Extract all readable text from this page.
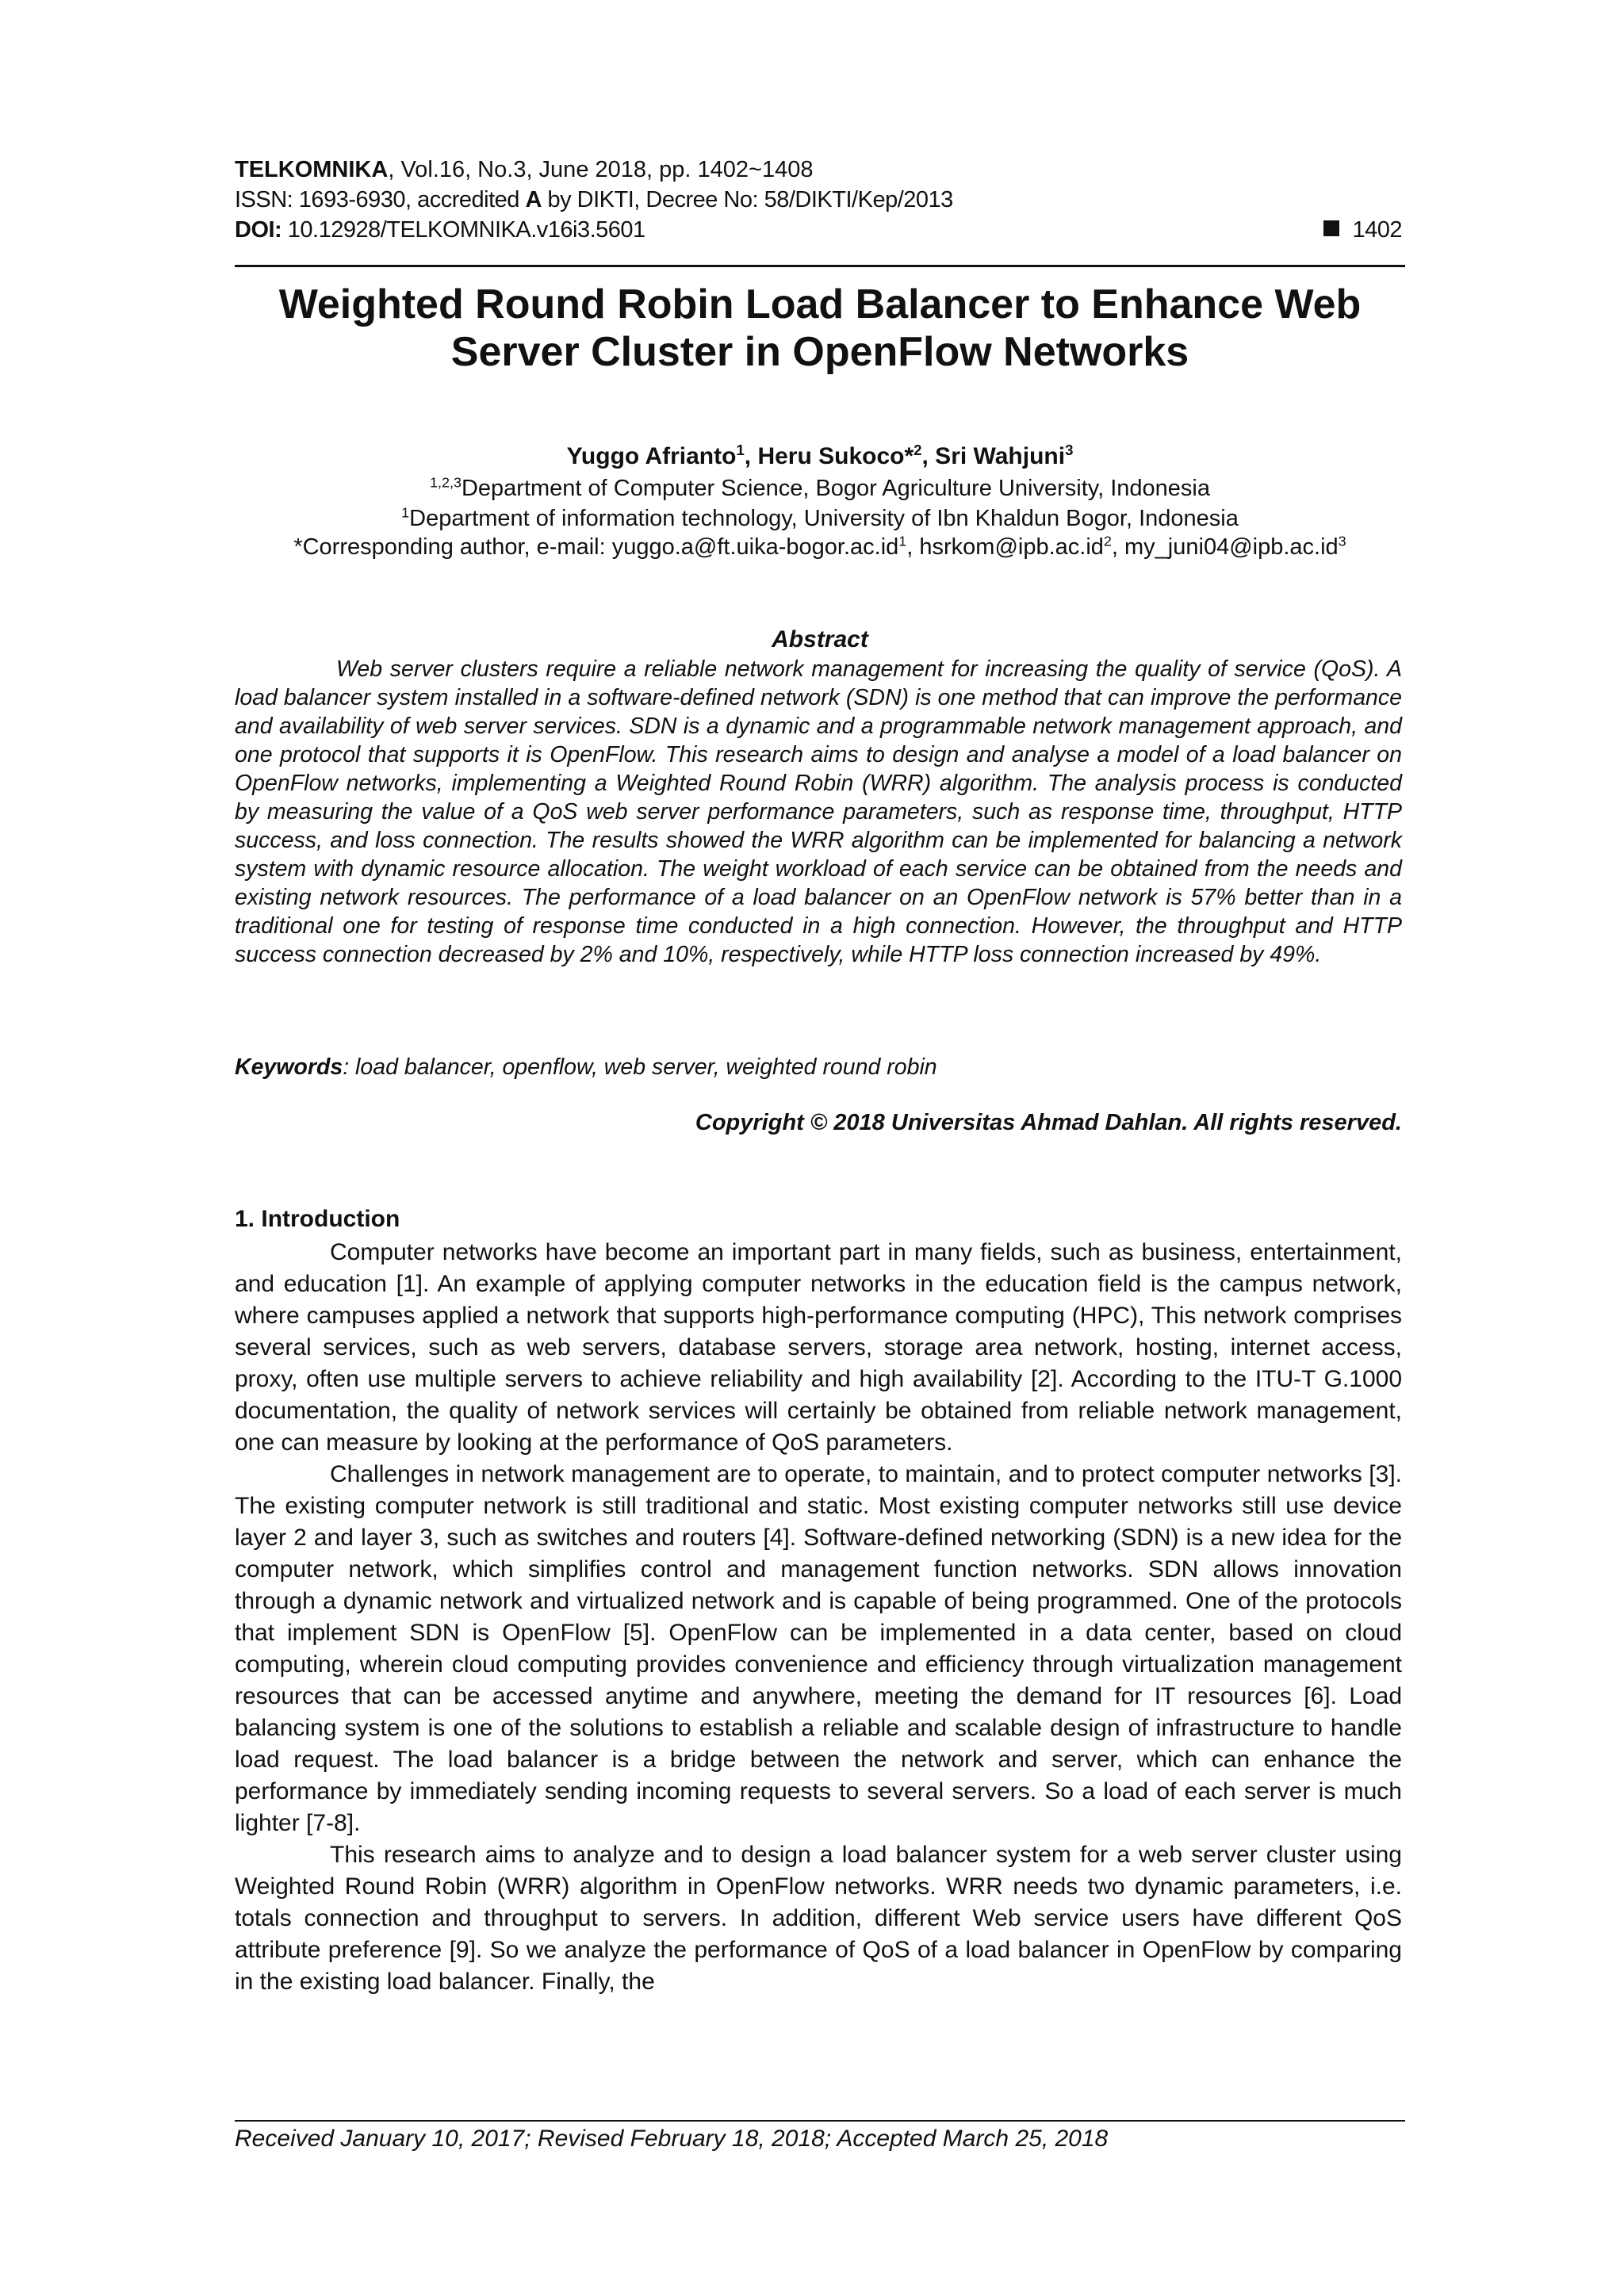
TELKOMNIKA, Vol.16, No.3, June 2018, pp. 1402~1408
ISSN: 1693-6930, accredited A by DIKTI, Decree No: 58/DIKTI/Kep/2013
DOI: 10.12928/TELKOMNIKA.v16i3.5601	1402
Weighted Round Robin Load Balancer to Enhance Web
Server Cluster in OpenFlow Networks
Yuggo Afrianto$^1$, Heru Sukoco*$^2$, Sri Wahjuni$^3$
$^{1,2,3}$Department of Computer Science, Bogor Agriculture University, Indonesia
$^1$Department of information technology, University of Ibn Khaldun Bogor, Indonesia
*Corresponding author, e-mail: $yuggo.a@ft.uika-bogor.ac.id^1$, $hsrkom@ipb.ac.id^2$, $my\_juni04@ipb.ac.id^3$
Abstract

Web server clusters require a reliable network management for increasing the quality of service (QoS). A load balancer system installed in a software-defined network (SDN) is one method that can improve the performance and availability of web server services. SDN is a dynamic and a programmable network management approach, and one protocol that supports it is OpenFlow. This research aims to design and analyse a model of a load balancer on OpenFlow networks, implementing a Weighted Round Robin (WRR) algorithm. The analysis process is conducted by measuring the value of a QoS web server performance parameters, such as response time, throughput, HTTP success, and loss connection. The results showed the WRR algorithm can be implemented for balancing a network system with dynamic resource allocation. The weight workload of each service can be obtained from the needs and existing network resources. The performance of a load balancer on an OpenFlow network is 57% better than in a traditional one for testing of response time conducted in a high connection. However, the throughput and HTTP success connection decreased by 2% and 10%, respectively, while HTTP loss connection increased by 49%.

Keywords: load balancer, openflow, web server, weighted round robin
Copyright © 2018 Universitas Ahmad Dahlan. All rights reserved.
1. Introduction

Computer networks have become an important part in many fields, such as business, entertainment, and education [1]. An example of applying computer networks in the education field is the campus network, where campuses applied a network that supports high-performance computing (HPC), This network comprises several services, such as web servers, database servers, storage area network, hosting, internet access, proxy, often use multiple servers to achieve reliability and high availability [2]. According to the ITU-T G.1000 documentation, the quality of network services will certainly be obtained from reliable network management, one can measure by looking at the performance of QoS parameters.

Challenges in network management are to operate, to maintain, and to protect computer networks [3]. The existing computer network is still traditional and static. Most existing computer networks still use device layer 2 and layer 3, such as switches and routers [4]. Software-defined networking (SDN) is a new idea for the computer network, which simplifies control and management function networks. SDN allows innovation through a dynamic network and virtualized network and is capable of being programmed. One of the protocols that implement SDN is OpenFlow [5]. OpenFlow can be implemented in a data center, based on cloud computing, wherein cloud computing provides convenience and efficiency through virtualization management resources that can be accessed anytime and anywhere, meeting the demand for IT resources [6]. Load balancing system is one of the solutions to establish a reliable and scalable design of infrastructure to handle load request. The load balancer is a bridge between the network and server, which can enhance the performance by immediately sending incoming requests to several servers. So a load of each server is much lighter [7-8].

This research aims to analyze and to design a load balancer system for a web server cluster using Weighted Round Robin (WRR) algorithm in OpenFlow networks. WRR needs two dynamic parameters, i.e. totals connection and throughput to servers. In addition, different Web service users have different QoS attribute preference [9]. So we analyze the performance of QoS of a load balancer in OpenFlow by comparing in the existing load balancer. Finally, the

Received January 10, 2017; Revised February 18, 2018; Accepted March 25, 2018
